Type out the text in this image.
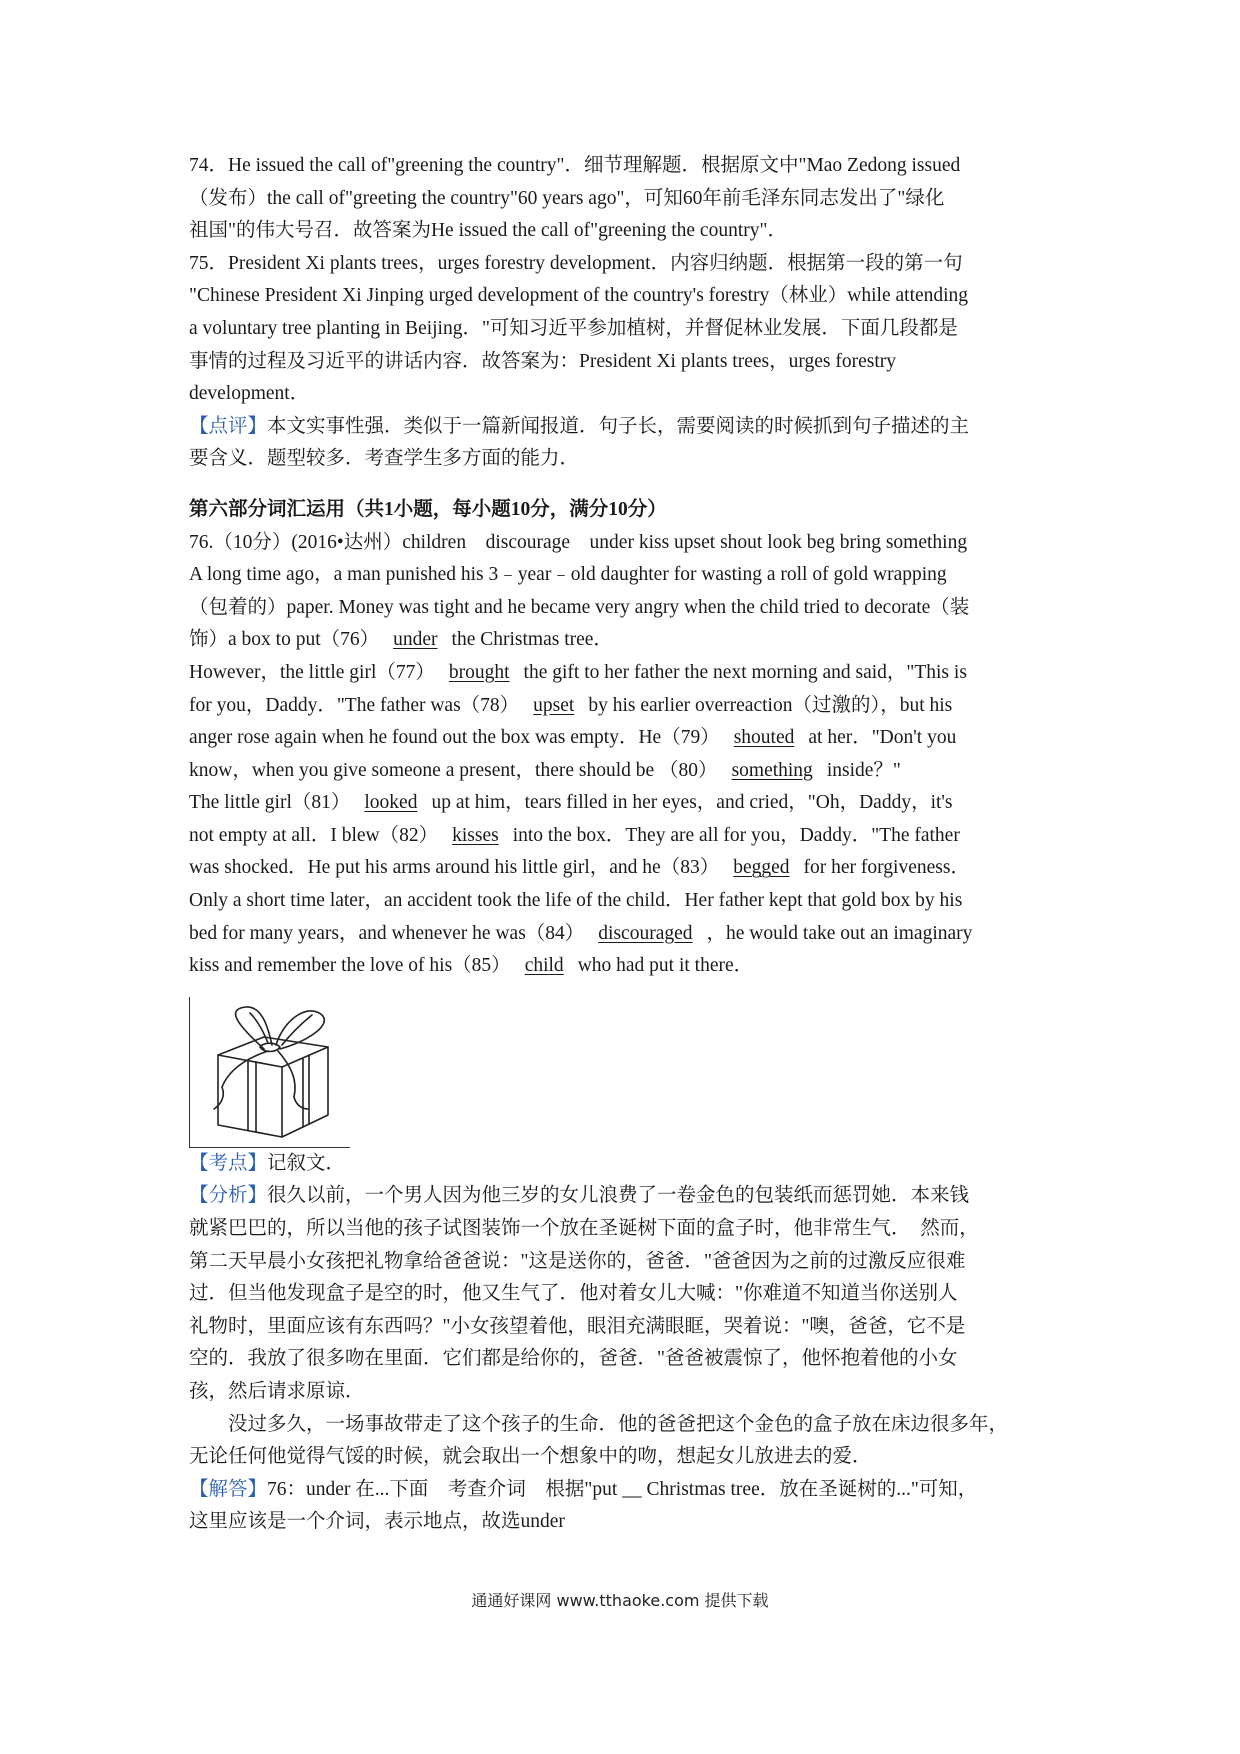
74．He issued the call of"greening the country"．细节理解题．根据原文中"Mao Zedong issued
（发布）the call of"greeting the country"60 years ago"，可知60年前毛泽东同志发出了"绿化
祖国"的伟大号召．故答案为He issued the call of"greening the country"．
75．President Xi plants trees，urges forestry development．内容归纳题．根据第一段的第一句
"Chinese President Xi Jinping urged development of the country's forestry（林业）while attending
a voluntary tree planting in Beijing．"可知习近平参加植树，并督促林业发展．下面几段都是
事情的过程及习近平的讲话内容．故答案为：President Xi plants trees，urges forestry
development．
【点评】本文实事性强．类似于一篇新闻报道．句子长，需要阅读的时候抓到句子描述的主
要含义．题型较多．考查学生多方面的能力．
第六部分词汇运用（共1小题，每小题10分，满分10分）
76.（10分）(2016•达州）children　discourage　under kiss upset shout look beg bring something
A long time ago，a man punished his 3﹣year﹣old daughter for wasting a roll of gold wrapping
（包着的）paper. Money was tight and he became very angry when the child tried to decorate（装
饰）a box to put（76） under the Christmas tree．
However，the little girl（77） brought the gift to her father the next morning and said，"This is
for you，Daddy．"The father was（78） upset by his earlier overreaction（过激的），but his
anger rose again when he found out the box was empty．He（79） shouted at her．"Don't you
know，when you give someone a present，there should be （80） something inside？"
The little girl（81） looked up at him，tears filled in her eyes，and cried，"Oh，Daddy，it's
not empty at all．I blew（82） kisses into the box．They are all for you，Daddy．"The father
was shocked．He put his arms around his little girl，and he（83） begged for her forgiveness．
Only a short time later，an accident took the life of the child．Her father kept that gold box by his
bed for many years，and whenever he was（84） discouraged ，he would take out an imaginary
kiss and remember the love of his（85） child who had put it there．
【考点】记叙文．
【分析】很久以前，一个男人因为他三岁的女儿浪费了一卷金色的包装纸而惩罚她．本来钱
就紧巴巴的，所以当他的孩子试图装饰一个放在圣诞树下面的盒子时，他非常生气．　然而，
第二天早晨小女孩把礼物拿给爸爸说："这是送你的，爸爸．"爸爸因为之前的过激反应很难
过．但当他发现盒子是空的时，他又生气了．他对着女儿大喊："你难道不知道当你送别人
礼物时，里面应该有东西吗？"小女孩望着他，眼泪充满眼眶，哭着说："噢，爸爸，它不是
空的．我放了很多吻在里面．它们都是给你的，爸爸．"爸爸被震惊了，他怀抱着他的小女
孩，然后请求原谅．
没过多久，一场事故带走了这个孩子的生命．他的爸爸把这个金色的盒子放在床边很多年，
无论任何他觉得气馁的时候，就会取出一个想象中的吻，想起女儿放进去的爱．
【解答】76：under 在...下面　考查介词　根据"put __ Christmas tree．放在圣诞树的..."可知，
这里应该是一个介词，表示地点，故选under
通通好课网 www.tthaoke.com 提供下载
